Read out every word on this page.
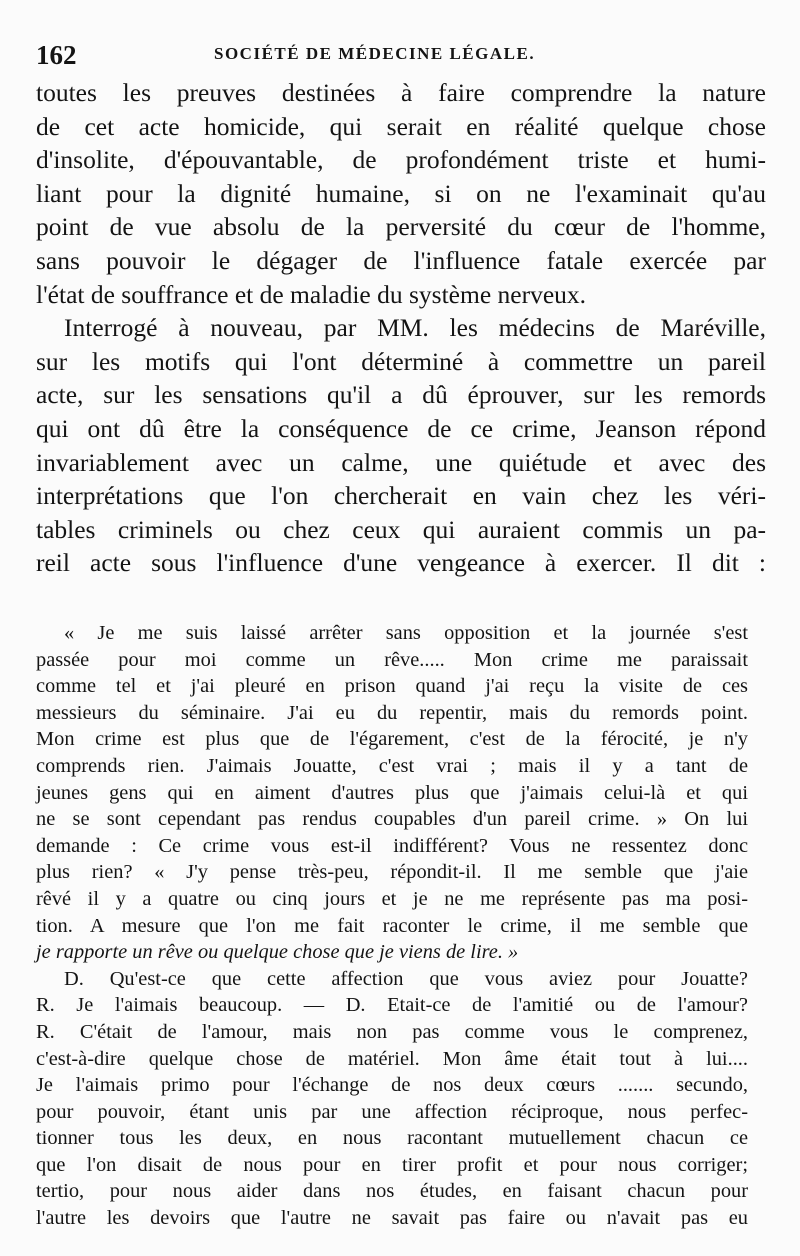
162	SOCIÉTÉ DE MÉDECINE LÉGALE.
toutes les preuves destinées à faire comprendre la nature
de cet acte homicide, qui serait en réalité quelque chose
d'insolite, d'épouvantable, de profondément triste et humi-
liant pour la dignité humaine, si on ne l'examinait qu'au
point de vue absolu de la perversité du cœur de l'homme,
sans pouvoir le dégager de l'influence fatale exercée par
l'état de souffrance et de maladie du système nerveux.
Interrogé à nouveau, par MM. les médecins de Maréville,
sur les motifs qui l'ont déterminé à commettre un pareil
acte, sur les sensations qu'il a dû éprouver, sur les remords
qui ont dû être la conséquence de ce crime, Jeanson répond
invariablement avec un calme, une quiétude et avec des
interprétations que l'on chercherait en vain chez les véri-
tables criminels ou chez ceux qui auraient commis un pa-
reil acte sous l'influence d'une vengeance à exercer. Il dit :
« Je me suis laissé arrêter sans opposition et la journée s'est
passée pour moi comme un rêve..... Mon crime me paraissait
comme tel et j'ai pleuré en prison quand j'ai reçu la visite de ces
messieurs du séminaire. J'ai eu du repentir, mais du remords point.
Mon crime est plus que de l'égarement, c'est de la férocité, je n'y
comprends rien. J'aimais Jouatte, c'est vrai ; mais il y a tant de
jeunes gens qui en aiment d'autres plus que j'aimais celui-là et qui
ne se sont cependant pas rendus coupables d'un pareil crime. » On lui
demande : Ce crime vous est-il indifférent? Vous ne ressentez donc
plus rien? « J'y pense très-peu, répondit-il. Il me semble que j'aie
rêvé il y a quatre ou cinq jours et je ne me représente pas ma posi-
tion. A mesure que l'on me fait raconter le crime, il me semble que
je rapporte un rêve ou quelque chose que je viens de lire. »
D. Qu'est-ce que cette affection que vous aviez pour Jouatte?
R. Je l'aimais beaucoup. — D. Etait-ce de l'amitié ou de l'amour?
R. C'était de l'amour, mais non pas comme vous le comprenez,
c'est-à-dire quelque chose de matériel. Mon âme était tout à lui....
Je l'aimais primo pour l'échange de nos deux cœurs ....... secundo,
pour pouvoir, étant unis par une affection réciproque, nous perfec-
tionner tous les deux, en nous racontant mutuellement chacun ce
que l'on disait de nous pour en tirer profit et pour nous corriger;
tertio, pour nous aider dans nos études, en faisant chacun pour
l'autre les devoirs que l'autre ne savait pas faire ou n'avait pas eu
